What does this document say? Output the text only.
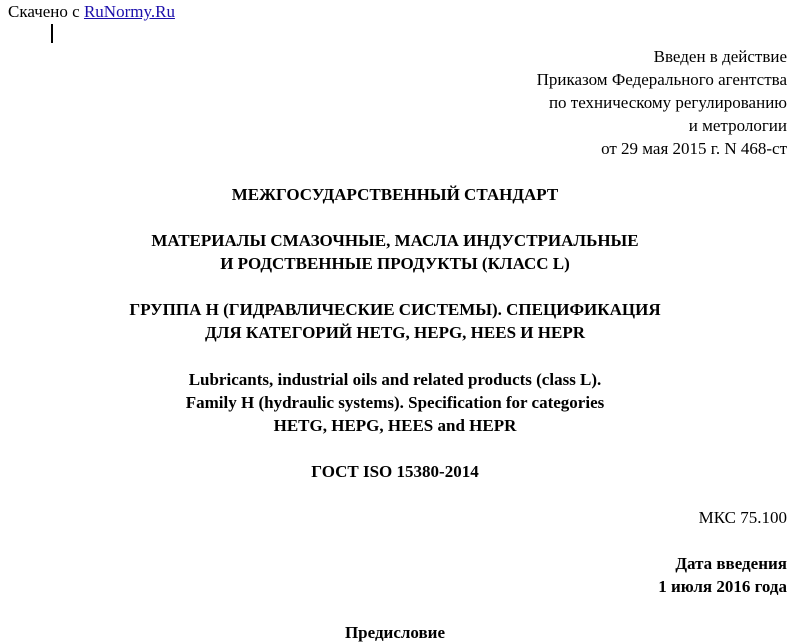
Скачено с RuNormy.Ru
Введен в действие
Приказом Федерального агентства
по техническому регулированию
и метрологии
от 29 мая 2015 г. N 468-ст
МЕЖГОСУДАРСТВЕННЫЙ СТАНДАРТ
МАТЕРИАЛЫ СМАЗОЧНЫЕ, МАСЛА ИНДУСТРИАЛЬНЫЕ
И РОДСТВЕННЫЕ ПРОДУКТЫ (КЛАСС L)
ГРУППА H (ГИДРАВЛИЧЕСКИЕ СИСТЕМЫ). СПЕЦИФИКАЦИЯ
ДЛЯ КАТЕГОРИЙ HETG, HEPG, HEES И HEPR
Lubricants, industrial oils and related products (class L).
Family H (hydraulic systems). Specification for categories
HETG, HEPG, HEES and HEPR
ГОСТ ISO 15380-2014
МКС 75.100
Дата введения
1 июля 2016 года
Предисловие
